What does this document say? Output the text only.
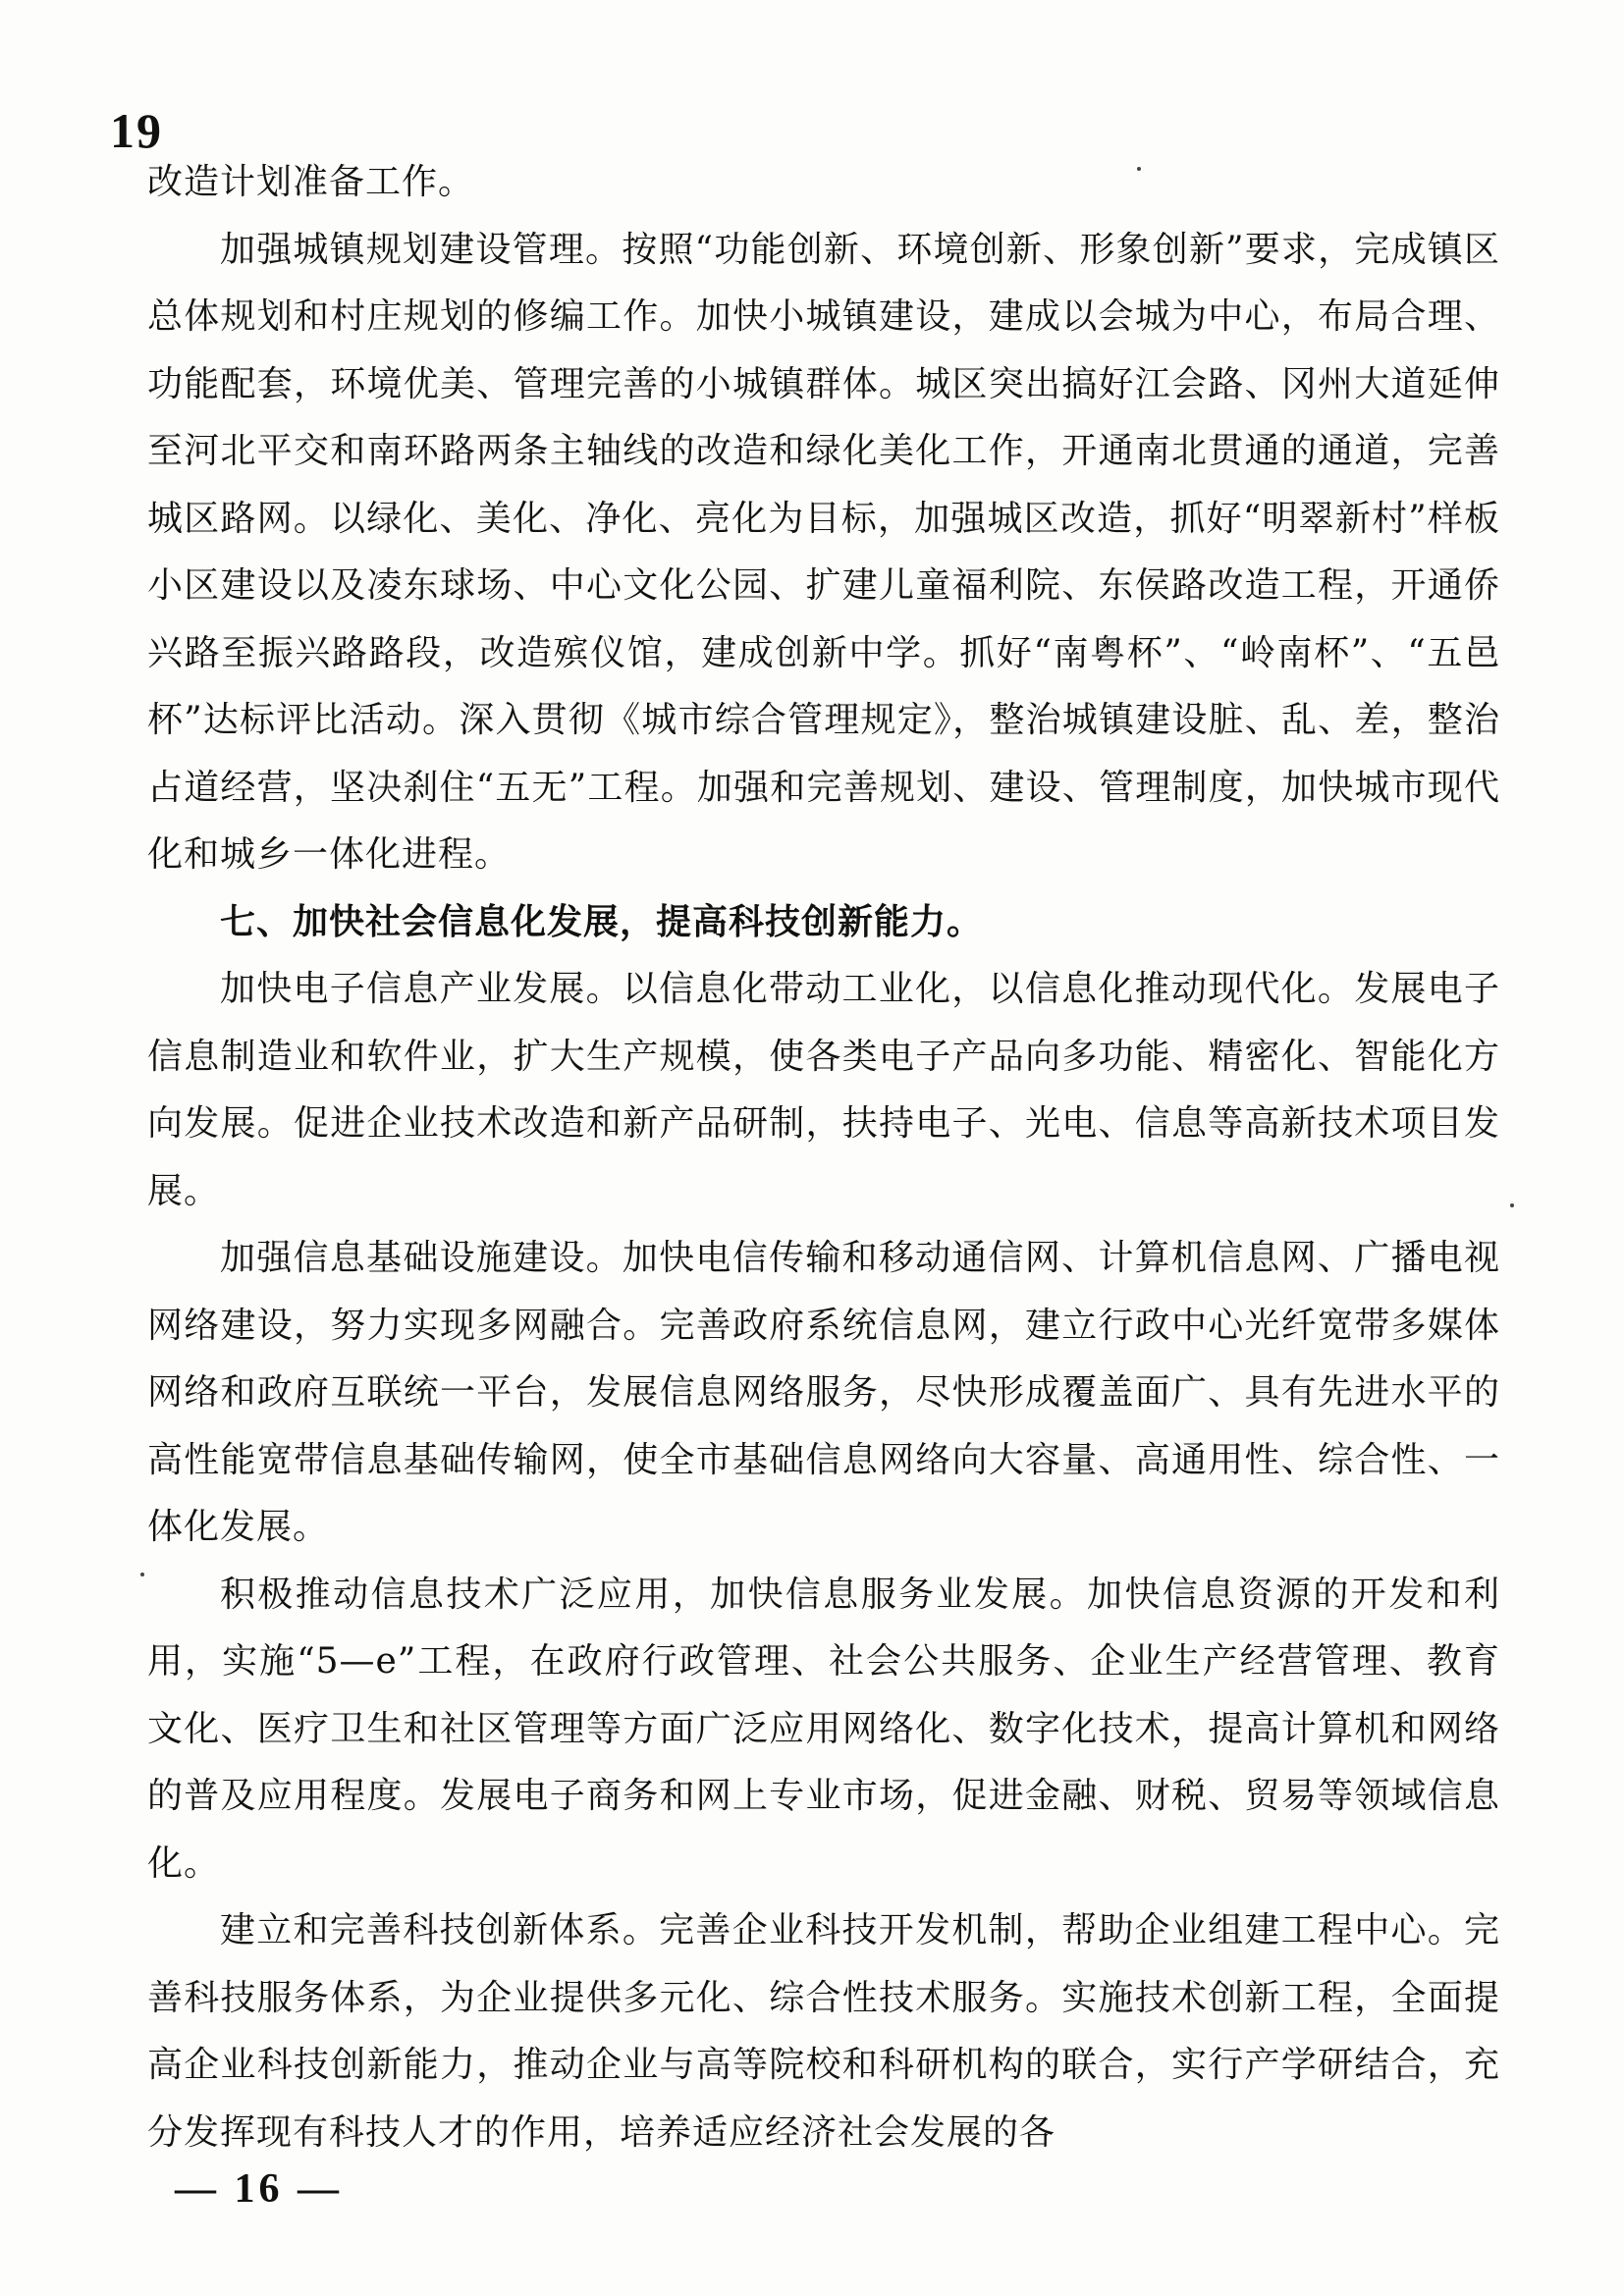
19

改造计划准备工作。

加强城镇规划建设管理。按照“功能创新、环境创新、形象创新”要求，完成镇区总体规划和村庄规划的修编工作。加快小城镇建设，建成以会城为中心，布局合理、功能配套，环境优美、管理完善的小城镇群体。城区突出搞好江会路、冈州大道延伸至河北平交和南环路两条主轴线的改造和绿化美化工作，开通南北贯通的通道，完善城区路网。以绿化、美化、净化、亮化为目标，加强城区改造，抓好“明翠新村”样板小区建设以及凌东球场、中心文化公园、扩建儿童福利院、东侯路改造工程，开通侨兴路至振兴路路段，改造殡仪馆，建成创新中学。抓好“南粤杯”、“岭南杯”、“五邑杯”达标评比活动。深入贯彻《城市综合管理规定》，整治城镇建设脏、乱、差，整治占道经营，坚决刹住“五无”工程。加强和完善规划、建设、管理制度，加快城市现代化和城乡一体化进程。

七、加快社会信息化发展，提高科技创新能力。

加快电子信息产业发展。以信息化带动工业化，以信息化推动现代化。发展电子信息制造业和软件业，扩大生产规模，使各类电子产品向多功能、精密化、智能化方向发展。促进企业技术改造和新产品研制，扶持电子、光电、信息等高新技术项目发展。

加强信息基础设施建设。加快电信传输和移动通信网、计算机信息网、广播电视网络建设，努力实现多网融合。完善政府系统信息网，建立行政中心光纤宽带多媒体网络和政府互联统一平台，发展信息网络服务，尽快形成覆盖面广、具有先进水平的高性能宽带信息基础传输网，使全市基础信息网络向大容量、高通用性、综合性、一体化发展。

积极推动信息技术广泛应用，加快信息服务业发展。加快信息资源的开发和利用，实施“5—e”工程，在政府行政管理、社会公共服务、企业生产经营管理、教育文化、医疗卫生和社区管理等方面广泛应用网络化、数字化技术，提高计算机和网络的普及应用程度。发展电子商务和网上专业市场，促进金融、财税、贸易等领域信息化。

建立和完善科技创新体系。完善企业科技开发机制，帮助企业组建工程中心。完善科技服务体系，为企业提供多元化、综合性技术服务。实施技术创新工程，全面提高企业科技创新能力，推动企业与高等院校和科研机构的联合，实行产学研结合，充分发挥现有科技人才的作用，培养适应经济社会发展的各

— 16 —
